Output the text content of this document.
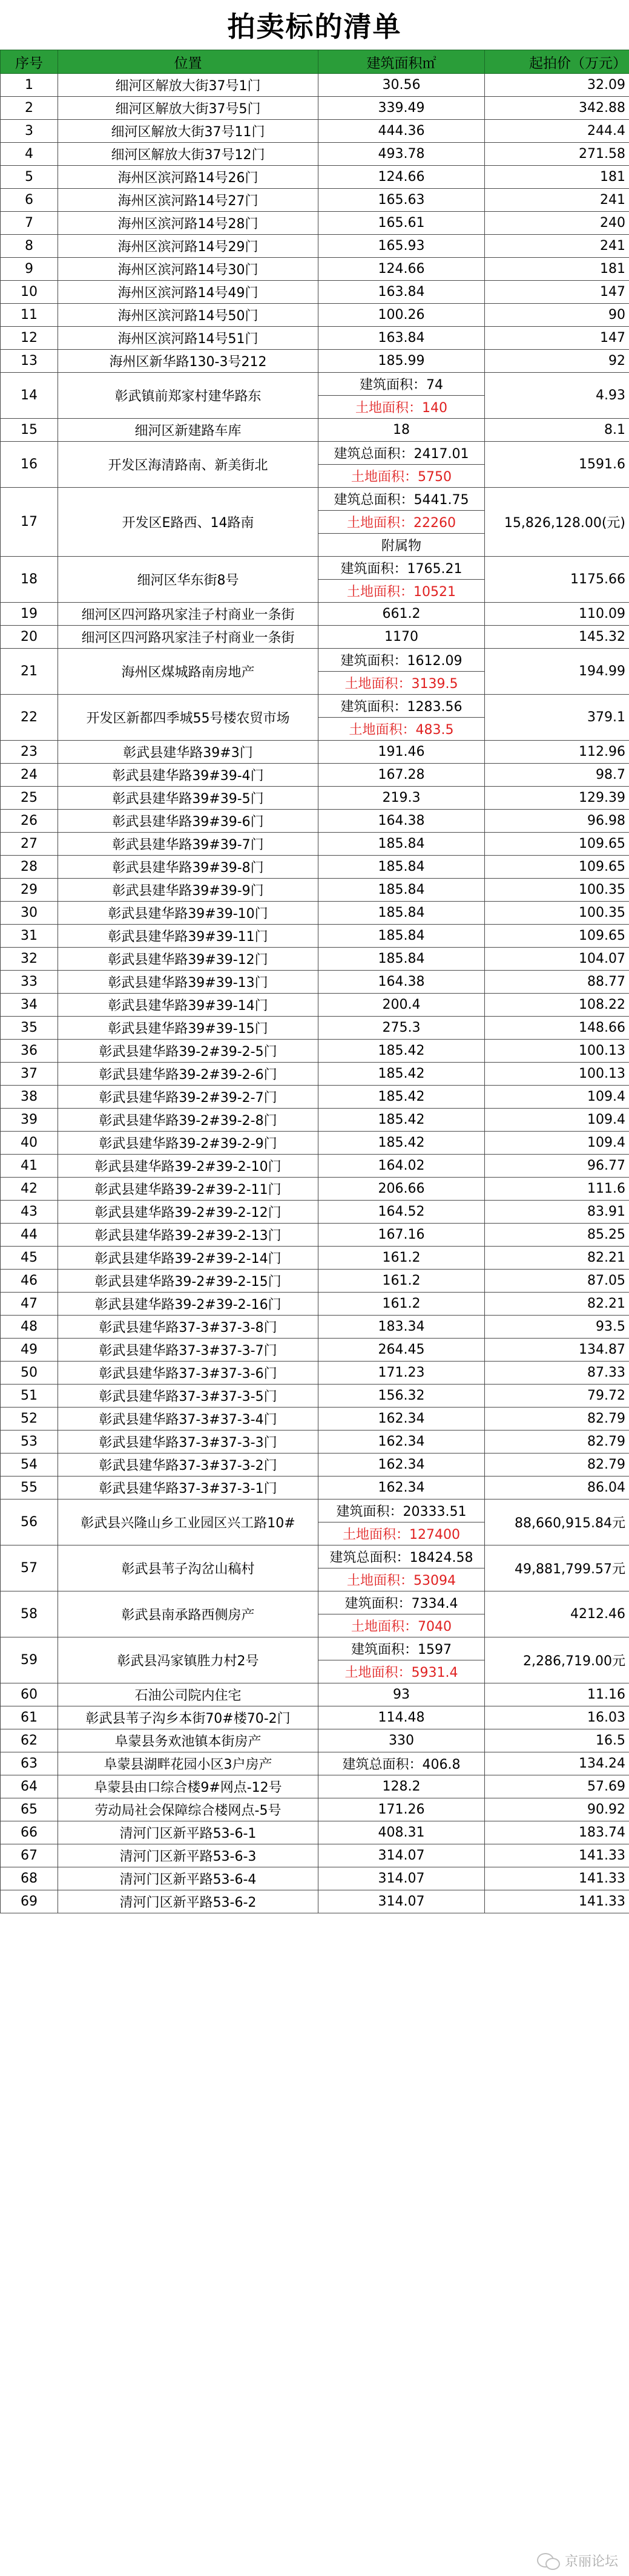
拍卖标的清单
序号	位置	建筑面积㎡	起拍价（万元）
1	细河区解放大街37号1门	30.56	32.09
2	细河区解放大街37号5门	339.49	342.88
3	细河区解放大街37号11门	444.36	244.4
4	细河区解放大街37号12门	493.78	271.58
5	海州区滨河路14号26门	124.66	181
6	海州区滨河路14号27门	165.63	241
7	海州区滨河路14号28门	165.61	240
8	海州区滨河路14号29门	165.93	241
9	海州区滨河路14号30门	124.66	181
10	海州区滨河路14号49门	163.84	147
11	海州区滨河路14号50门	100.26	90
12	海州区滨河路14号51门	163.84	147
13	海州区新华路130-3号212	185.99	92
14	彰武镇前郑家村建华路东	建筑面积：74	4.93
		土地面积：140	
15	细河区新建路车库	18	8.1
16	开发区海清路南、新美街北	建筑总面积：2417.01	1591.6
		土地面积：5750	
17	开发区E路西、14路南	建筑总面积：5441.75	15,826,128.00(元)
		土地面积：22260	
		附属物	
18	细河区华东街8号	建筑面积：1765.21	1175.66
		土地面积：10521	
19	细河区四河路巩家洼子村商业一条街	661.2	110.09
20	细河区四河路巩家洼子村商业一条街	1170	145.32
21	海州区煤城路南房地产	建筑面积：1612.09	194.99
		土地面积：3139.5	
22	开发区新都四季城55号楼农贸市场	建筑面积：1283.56	379.1
		土地面积：483.5	
23	彰武县建华路39#3门	191.46	112.96
24	彰武县建华路39#39-4门	167.28	98.7
25	彰武县建华路39#39-5门	219.3	129.39
26	彰武县建华路39#39-6门	164.38	96.98
27	彰武县建华路39#39-7门	185.84	109.65
28	彰武县建华路39#39-8门	185.84	109.65
29	彰武县建华路39#39-9门	185.84	100.35
30	彰武县建华路39#39-10门	185.84	100.35
31	彰武县建华路39#39-11门	185.84	109.65
32	彰武县建华路39#39-12门	185.84	104.07
33	彰武县建华路39#39-13门	164.38	88.77
34	彰武县建华路39#39-14门	200.4	108.22
35	彰武县建华路39#39-15门	275.3	148.66
36	彰武县建华路39-2#39-2-5门	185.42	100.13
37	彰武县建华路39-2#39-2-6门	185.42	100.13
38	彰武县建华路39-2#39-2-7门	185.42	109.4
39	彰武县建华路39-2#39-2-8门	185.42	109.4
40	彰武县建华路39-2#39-2-9门	185.42	109.4
41	彰武县建华路39-2#39-2-10门	164.02	96.77
42	彰武县建华路39-2#39-2-11门	206.66	111.6
43	彰武县建华路39-2#39-2-12门	164.52	83.91
44	彰武县建华路39-2#39-2-13门	167.16	85.25
45	彰武县建华路39-2#39-2-14门	161.2	82.21
46	彰武县建华路39-2#39-2-15门	161.2	87.05
47	彰武县建华路39-2#39-2-16门	161.2	82.21
48	彰武县建华路37-3#37-3-8门	183.34	93.5
49	彰武县建华路37-3#37-3-7门	264.45	134.87
50	彰武县建华路37-3#37-3-6门	171.23	87.33
51	彰武县建华路37-3#37-3-5门	156.32	79.72
52	彰武县建华路37-3#37-3-4门	162.34	82.79
53	彰武县建华路37-3#37-3-3门	162.34	82.79
54	彰武县建华路37-3#37-3-2门	162.34	82.79
55	彰武县建华路37-3#37-3-1门	162.34	86.04
56	彰武县兴隆山乡工业园区兴工路10#	建筑面积：20333.51	88,660,915.84元
		土地面积：127400	
57	彰武县苇子沟岔山稿村	建筑总面积：18424.58	49,881,799.57元
		土地面积：53094	
58	彰武县南承路西侧房产	建筑面积：7334.4	4212.46
		土地面积：7040	
59	彰武县冯家镇胜力村2号	建筑面积：1597	2,286,719.00元
		土地面积：5931.4	
60	石油公司院内住宅	93	11.16
61	彰武县苇子沟乡本街70#楼70-2门	114.48	16.03
62	阜蒙县务欢池镇本街房产	330	16.5
63	阜蒙县湖畔花园小区3户房产	建筑总面积：406.8	134.24
64	阜蒙县由口综合楼9#网点-12号	128.2	57.69
65	劳动局社会保障综合楼网点-5号	171.26	90.92
66	清河门区新平路53-6-1	408.31	183.74
67	清河门区新平路53-6-3	314.07	141.33
68	清河门区新平路53-6-4	314.07	141.33
69	清河门区新平路53-6-2	314.07	141.33
京丽论坛
